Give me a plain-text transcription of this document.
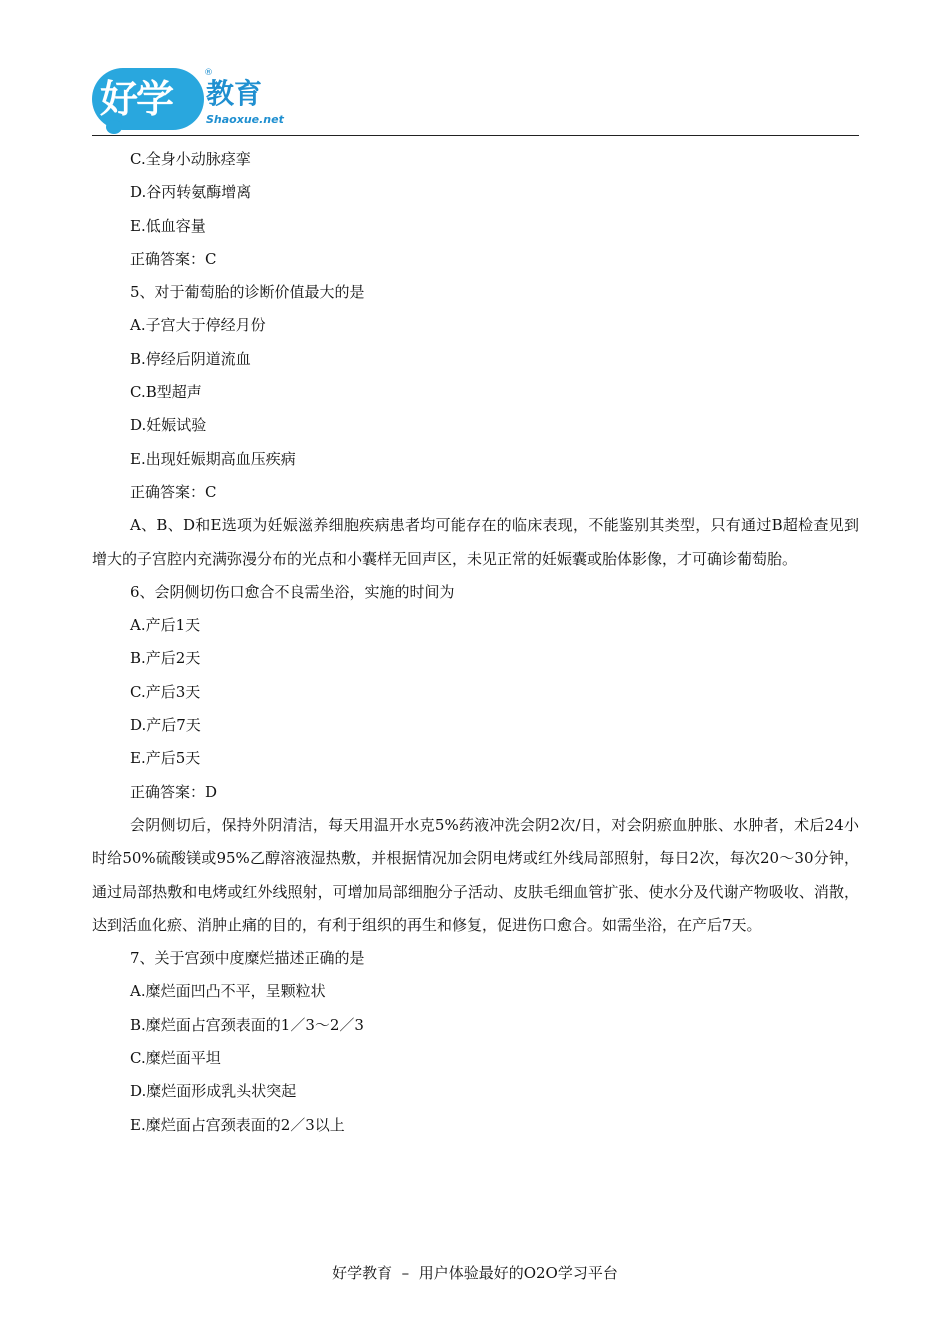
好学 教育
®
Shaoxue.net
C.全身小动脉痉挛
D.谷丙转氨酶增离
E.低血容量
正确答案：C
5、对于葡萄胎的诊断价值最大的是
A.子宫大于停经月份
B.停经后阴道流血
C.B型超声
D.妊娠试验
E.出现妊娠期高血压疾病
正确答案：C
A、B、D和E选项为妊娠滋养细胞疾病患者均可能存在的临床表现，不能鉴别其类型，只有通过B超检查见到增大的子宫腔内充满弥漫分布的光点和小囊样无回声区，未见正常的妊娠囊或胎体影像，才可确诊葡萄胎。
6、会阴侧切伤口愈合不良需坐浴，实施的时间为
A.产后1天
B.产后2天
C.产后3天
D.产后7天
E.产后5天
正确答案：D
会阴侧切后，保持外阴清洁，每天用温开水克5%药液冲洗会阴2次/日，对会阴瘀血肿胀、水肿者，术后24小时给50%硫酸镁或95%乙醇溶液湿热敷，并根据情况加会阴电烤或红外线局部照射，每日2次，每次20～30分钟，通过局部热敷和电烤或红外线照射，可增加局部细胞分子活动、皮肤毛细血管扩张、使水分及代谢产物吸收、消散，达到活血化瘀、消肿止痛的目的，有利于组织的再生和修复，促进伤口愈合。如需坐浴，在产后7天。
7、关于宫颈中度糜烂描述正确的是
A.糜烂面凹凸不平，呈颗粒状
B.糜烂面占宫颈表面的1／3～2／3
C.糜烂面平坦
D.糜烂面形成乳头状突起
E.糜烂面占宫颈表面的2／3以上
好学教育  –  用户体验最好的O2O学习平台
